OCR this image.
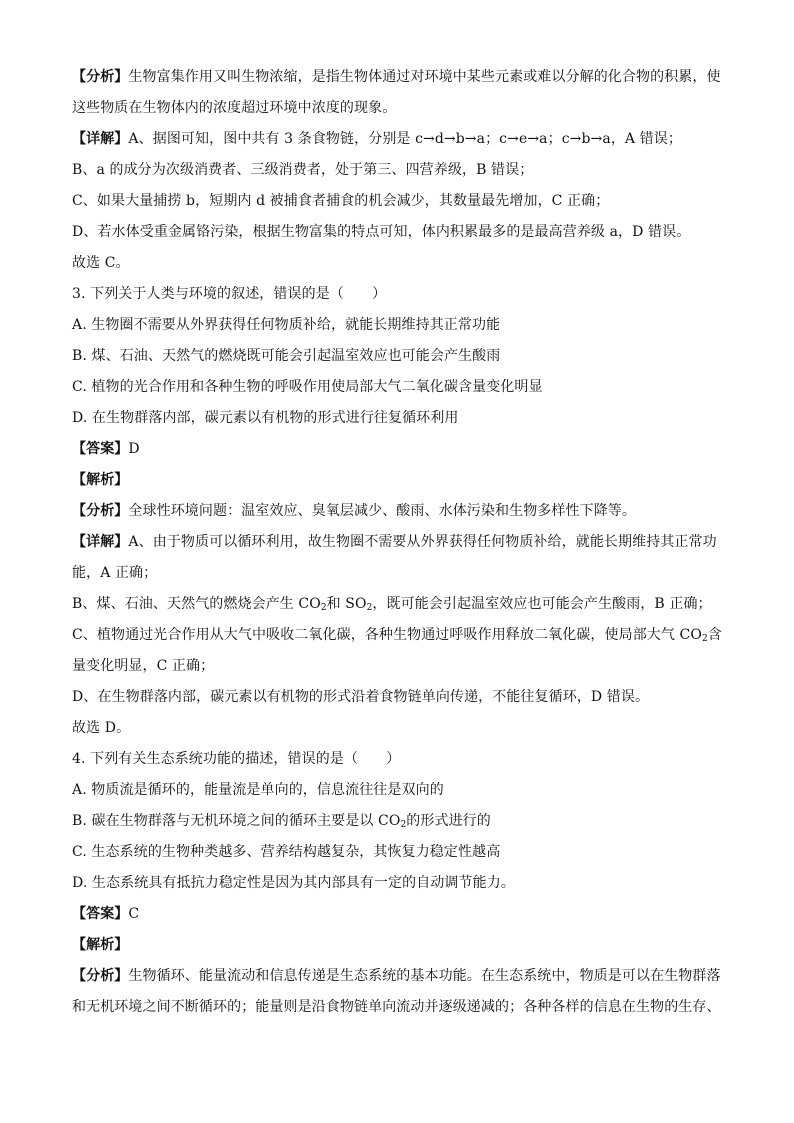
【分析】生物富集作用又叫生物浓缩，是指生物体通过对环境中某些元素或难以分解的化合物的积累，使
这些物质在生物体内的浓度超过环境中浓度的现象。
【详解】A、据图可知，图中共有 3 条食物链，分别是 c→d→b→a；c→e→a；c→b→a，A 错误；
B、a 的成分为次级消费者、三级消费者，处于第三、四营养级，B 错误；
C、如果大量捕捞 b，短期内 d 被捕食者捕食的机会减少，其数量最先增加，C 正确；
D、若水体受重金属铬污染，根据生物富集的特点可知，体内积累最多的是最高营养级 a，D 错误。
故选 C。
3. 下列关于人类与环境的叙述，错误的是（　　）
A. 生物圈不需要从外界获得任何物质补给，就能长期维持其正常功能
B. 煤、石油、天然气的燃烧既可能会引起温室效应也可能会产生酸雨
C. 植物的光合作用和各种生物的呼吸作用使局部大气二氧化碳含量变化明显
D. 在生物群落内部，碳元素以有机物的形式进行往复循环利用
【答案】D
【解析】
【分析】全球性环境问题：温室效应、臭氧层减少、酸雨、水体污染和生物多样性下降等。
【详解】A、由于物质可以循环利用，故生物圈不需要从外界获得任何物质补给，就能长期维持其正常功
能，A 正确；
B、煤、石油、天然气的燃烧会产生 $CO_2$和 $SO_2$，既可能会引起温室效应也可能会产生酸雨，B 正确；
C、植物通过光合作用从大气中吸收二氧化碳，各种生物通过呼吸作用释放二氧化碳，使局部大气 $CO_2$含
量变化明显，C 正确；
D、在生物群落内部，碳元素以有机物的形式沿着食物链单向传递，不能往复循环，D 错误。
故选 D。
4. 下列有关生态系统功能的描述，错误的是（　　）
A. 物质流是循环的，能量流是单向的，信息流往往是双向的
B. 碳在生物群落与无机环境之间的循环主要是以 $CO_2$的形式进行的
C. 生态系统的生物种类越多、营养结构越复杂，其恢复力稳定性越高
D. 生态系统具有抵抗力稳定性是因为其内部具有一定的自动调节能力。
【答案】C
【解析】
【分析】生物循环、能量流动和信息传递是生态系统的基本功能。在生态系统中，物质是可以在生物群落
和无机环境之间不断循环的；能量则是沿食物链单向流动并逐级递减的；各种各样的信息在生物的生存、
